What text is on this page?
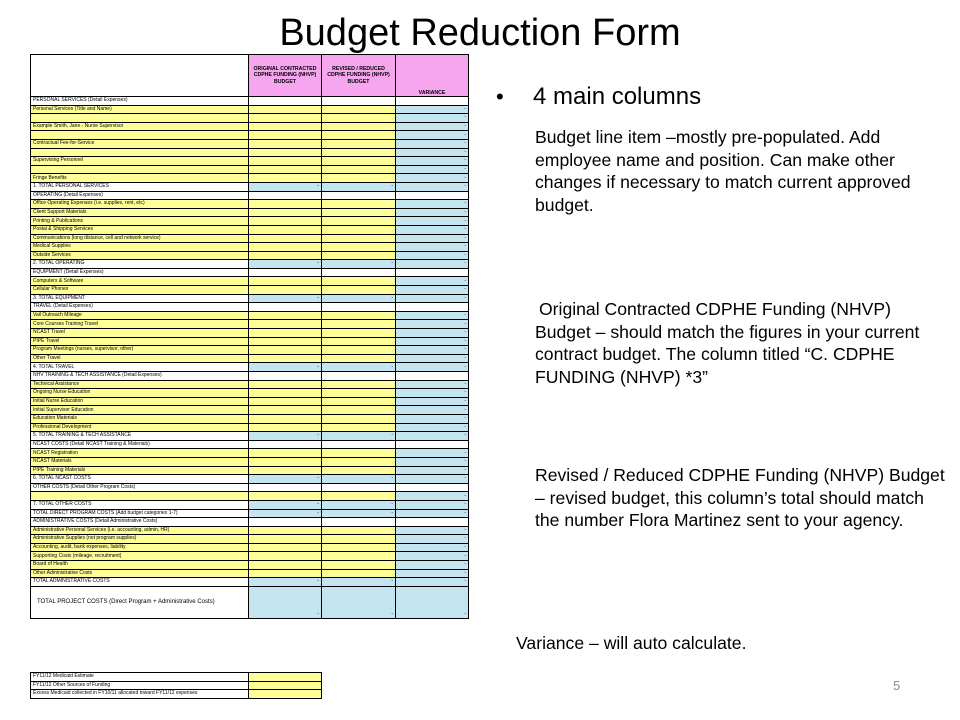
Budget Reduction Form
	ORIGINAL CONTRACTED CDPHE FUNDING (NHVP) BUDGET	REVISED / REDUCED CDPHE FUNDING (NHVP) BUDGET	VARIANCE
PERSONAL SERVICES (Detail Expenses)			
Personal Services (Title and Name)			-
			-
Example Smith, Jane - Nurse Supervisor			-
			-
Contractual Fee-for-Service			-
			-
Supervising Personnel			-
			-
Fringe Benefits			-
1. TOTAL PERSONAL SERVICES	-	-	-
OPERATING (Detail Expenses)			
Office Operating Expenses (i.e. supplies, rent, etc)			-
Client Support Materials			-
Printing & Publications			-
Postal & Shipping Services			-
Communications (long distance, cell and network service)			-
Medical Supplies			-
Outside Services			-
2. TOTAL OPERATING	-	-	-
EQUIPMENT (Detail Expenses)			
Computers & Software			-
Cellular Phones			-
3. TOTAL EQUIPMENT	-	-	-
TRAVEL (Detail Expenses)			
Vail Outreach Mileage			-
Core Courses Training Travel			-
NCAST Travel			-
PIPE Travel			-
Program Meetings (nurses, supervisor, other)			-
Other Travel			-
4. TOTAL TRAVEL	-	-	-
NHV TRAINING & TECH ASSISTANCE (Detail Expenses)			
Technical Assistance			-
Ongoing Nurse Education			-
Initial Nurse Education			-
Initial Supervisor Education			-
Education Materials			-
Professional Development			-
5. TOTAL TRAINING & TECH ASSISTANCE	-	-	-
NCAST COSTS (Detail NCAST Training & Materials)			
NCAST Registration			-
NCAST Materials			-
PIPE Training Materials			-
6. TOTAL NCAST COSTS	-	-	-
OTHER COSTS (Detail Other Program Costs)			
			-
7. TOTAL OTHER COSTS	-	-	-
TOTAL DIRECT PROGRAM COSTS (Add budget categories 1-7)	-	-	-
ADMINISTRATIVE COSTS (Detail Administrative Costs)			
Administrative Personal Services (i.e. accounting, admin, HR)			-
Administrative Supplies (not program supplies)			-
Accounting, audit, bank expenses, liability			-
Supporting Costs (mileage, recruitment)			-
Board of Health			-
Other Administrative Costs			-
TOTAL ADMINISTRATIVE COSTS	-	-	-
TOTAL PROJECT COSTS (Direct Program + Administrative Costs)	-	-	-
FY11/12 Medicaid Estimate		
FY11/12 Other Sources of Funding		
Excess Medicaid collected in FY10/11 allocated toward FY11/12 expenses		
• 4 main columns
Budget line item –mostly pre-populated. Add employee name and position. Can make other changes if necessary to match current approved budget.
Original Contracted CDPHE Funding (NHVP) Budget – should match the figures in your current contract budget. The column titled “C. CDPHE FUNDING (NHVP) *3”
Revised / Reduced CDPHE Funding (NHVP) Budget – revised budget, this column’s total should match the number Flora Martinez sent to your agency.
Variance – will auto calculate.
5
